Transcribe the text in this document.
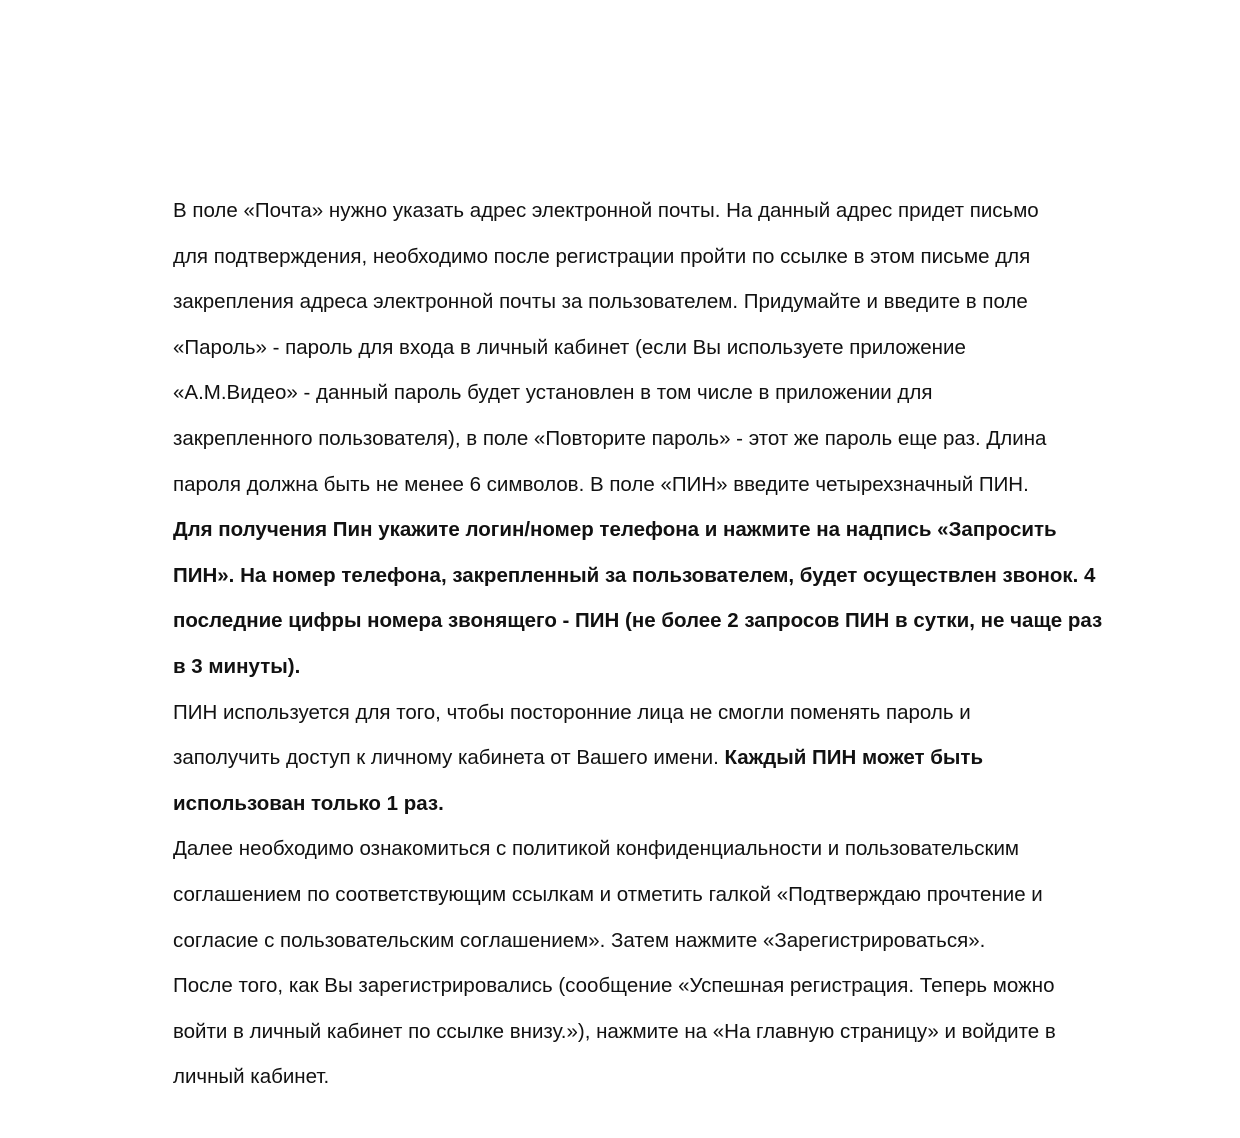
В поле «Почта» нужно указать адрес электронной почты. На данный адрес придет письмо
для подтверждения, необходимо после регистрации пройти по ссылке в этом письме для
закрепления адреса электронной почты за пользователем. Придумайте и введите в поле
«Пароль» - пароль для входа в личный кабинет (если Вы используете приложение
«А.М.Видео» - данный пароль будет установлен в том числе в приложении для
закрепленного пользователя), в поле «Повторите пароль» - этот же пароль еще раз. Длина
пароля должна быть не менее 6 символов. В поле «ПИН» введите четырехзначный ПИН.
Для получения Пин укажите логин/номер телефона и нажмите на надпись «Запросить
ПИН». На номер телефона, закрепленный за пользователем, будет осуществлен звонок. 4
последние цифры номера звонящего - ПИН (не более 2 запросов ПИН в сутки, не чаще раз
в 3 минуты).
ПИН используется для того, чтобы посторонние лица не смогли поменять пароль и
заполучить доступ к личному кабинета от Вашего имени. Каждый ПИН может быть
использован только 1 раз.
Далее необходимо ознакомиться с политикой конфиденциальности и пользовательским
соглашением по соответствующим ссылкам и отметить галкой «Подтверждаю прочтение и
согласие с пользовательским соглашением». Затем нажмите «Зарегистрироваться».
После того, как Вы зарегистрировались (сообщение «Успешная регистрация. Теперь можно
войти в личный кабинет по ссылке внизу.»), нажмите на «На главную страницу» и войдите в
личный кабинет.
